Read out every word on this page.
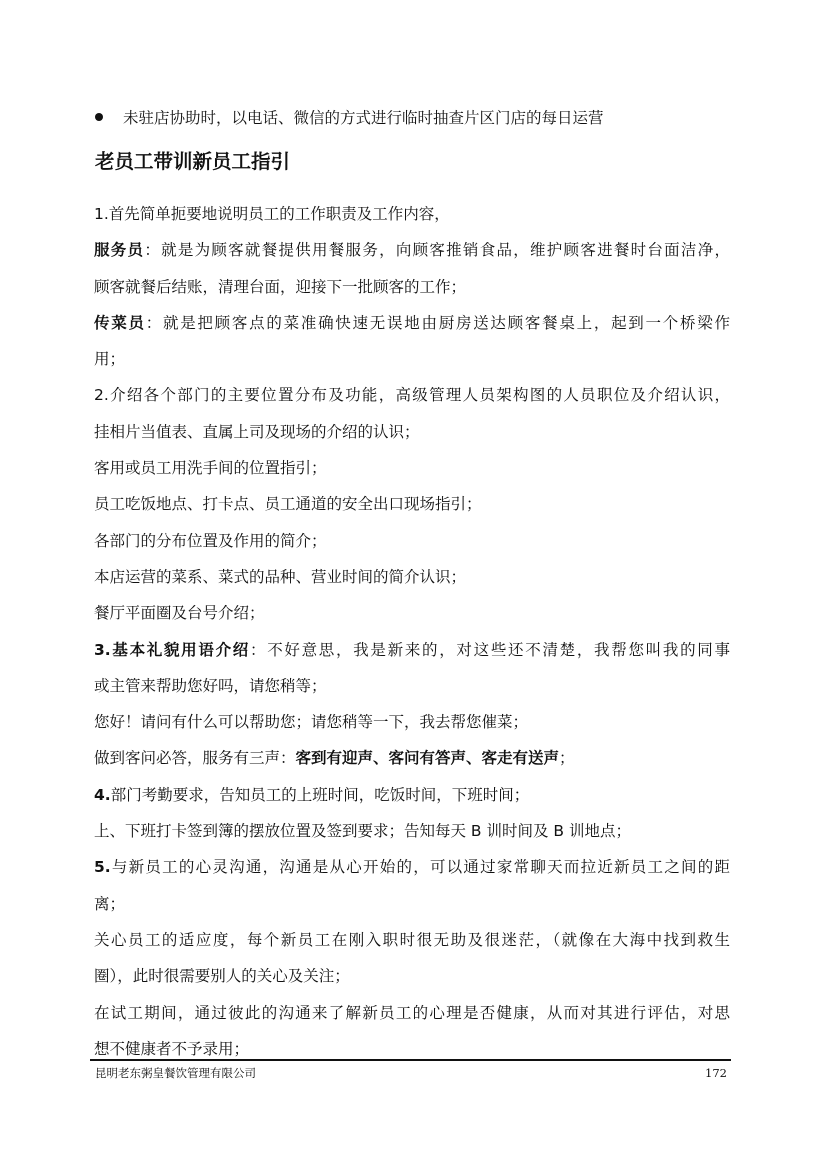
未驻店协助时，以电话、微信的方式进行临时抽查片区门店的每日运营
老员工带训新员工指引
1.首先简单扼要地说明员工的工作职责及工作内容，
服务员：就是为顾客就餐提供用餐服务，向顾客推销食品，维护顾客进餐时台面洁净，
顾客就餐后结账，清理台面，迎接下一批顾客的工作；
传菜员：就是把顾客点的菜准确快速无误地由厨房送达顾客餐桌上，起到一个桥梁作
用；
2.介绍各个部门的主要位置分布及功能，高级管理人员架构图的人员职位及介绍认识，
挂相片当值表、直属上司及现场的介绍的认识；
客用或员工用洗手间的位置指引；
员工吃饭地点、打卡点、员工通道的安全出口现场指引；
各部门的分布位置及作用的简介；
本店运营的菜系、菜式的品种、营业时间的简介认识；
餐厅平面圈及台号介绍；
3.基本礼貌用语介绍：不好意思，我是新来的，对这些还不清楚，我帮您叫我的同事
或主管来帮助您好吗，请您稍等；
您好！请问有什么可以帮助您；请您稍等一下，我去帮您催菜；
做到客问必答，服务有三声：客到有迎声、客问有答声、客走有送声；
4.部门考勤要求，告知员工的上班时间，吃饭时间，下班时间；
上、下班打卡签到簿的摆放位置及签到要求；告知每天 B 训时间及 B 训地点；
5.与新员工的心灵沟通，沟通是从心开始的，可以通过家常聊天而拉近新员工之间的距
离；
关心员工的适应度，每个新员工在刚入职时很无助及很迷茫，（就像在大海中找到救生
圈），此时很需要别人的关心及关注；
在试工期间，通过彼此的沟通来了解新员工的心理是否健康，从而对其进行评估，对思
想不健康者不予录用；
昆明老东粥皇餐饮管理有限公司	172
